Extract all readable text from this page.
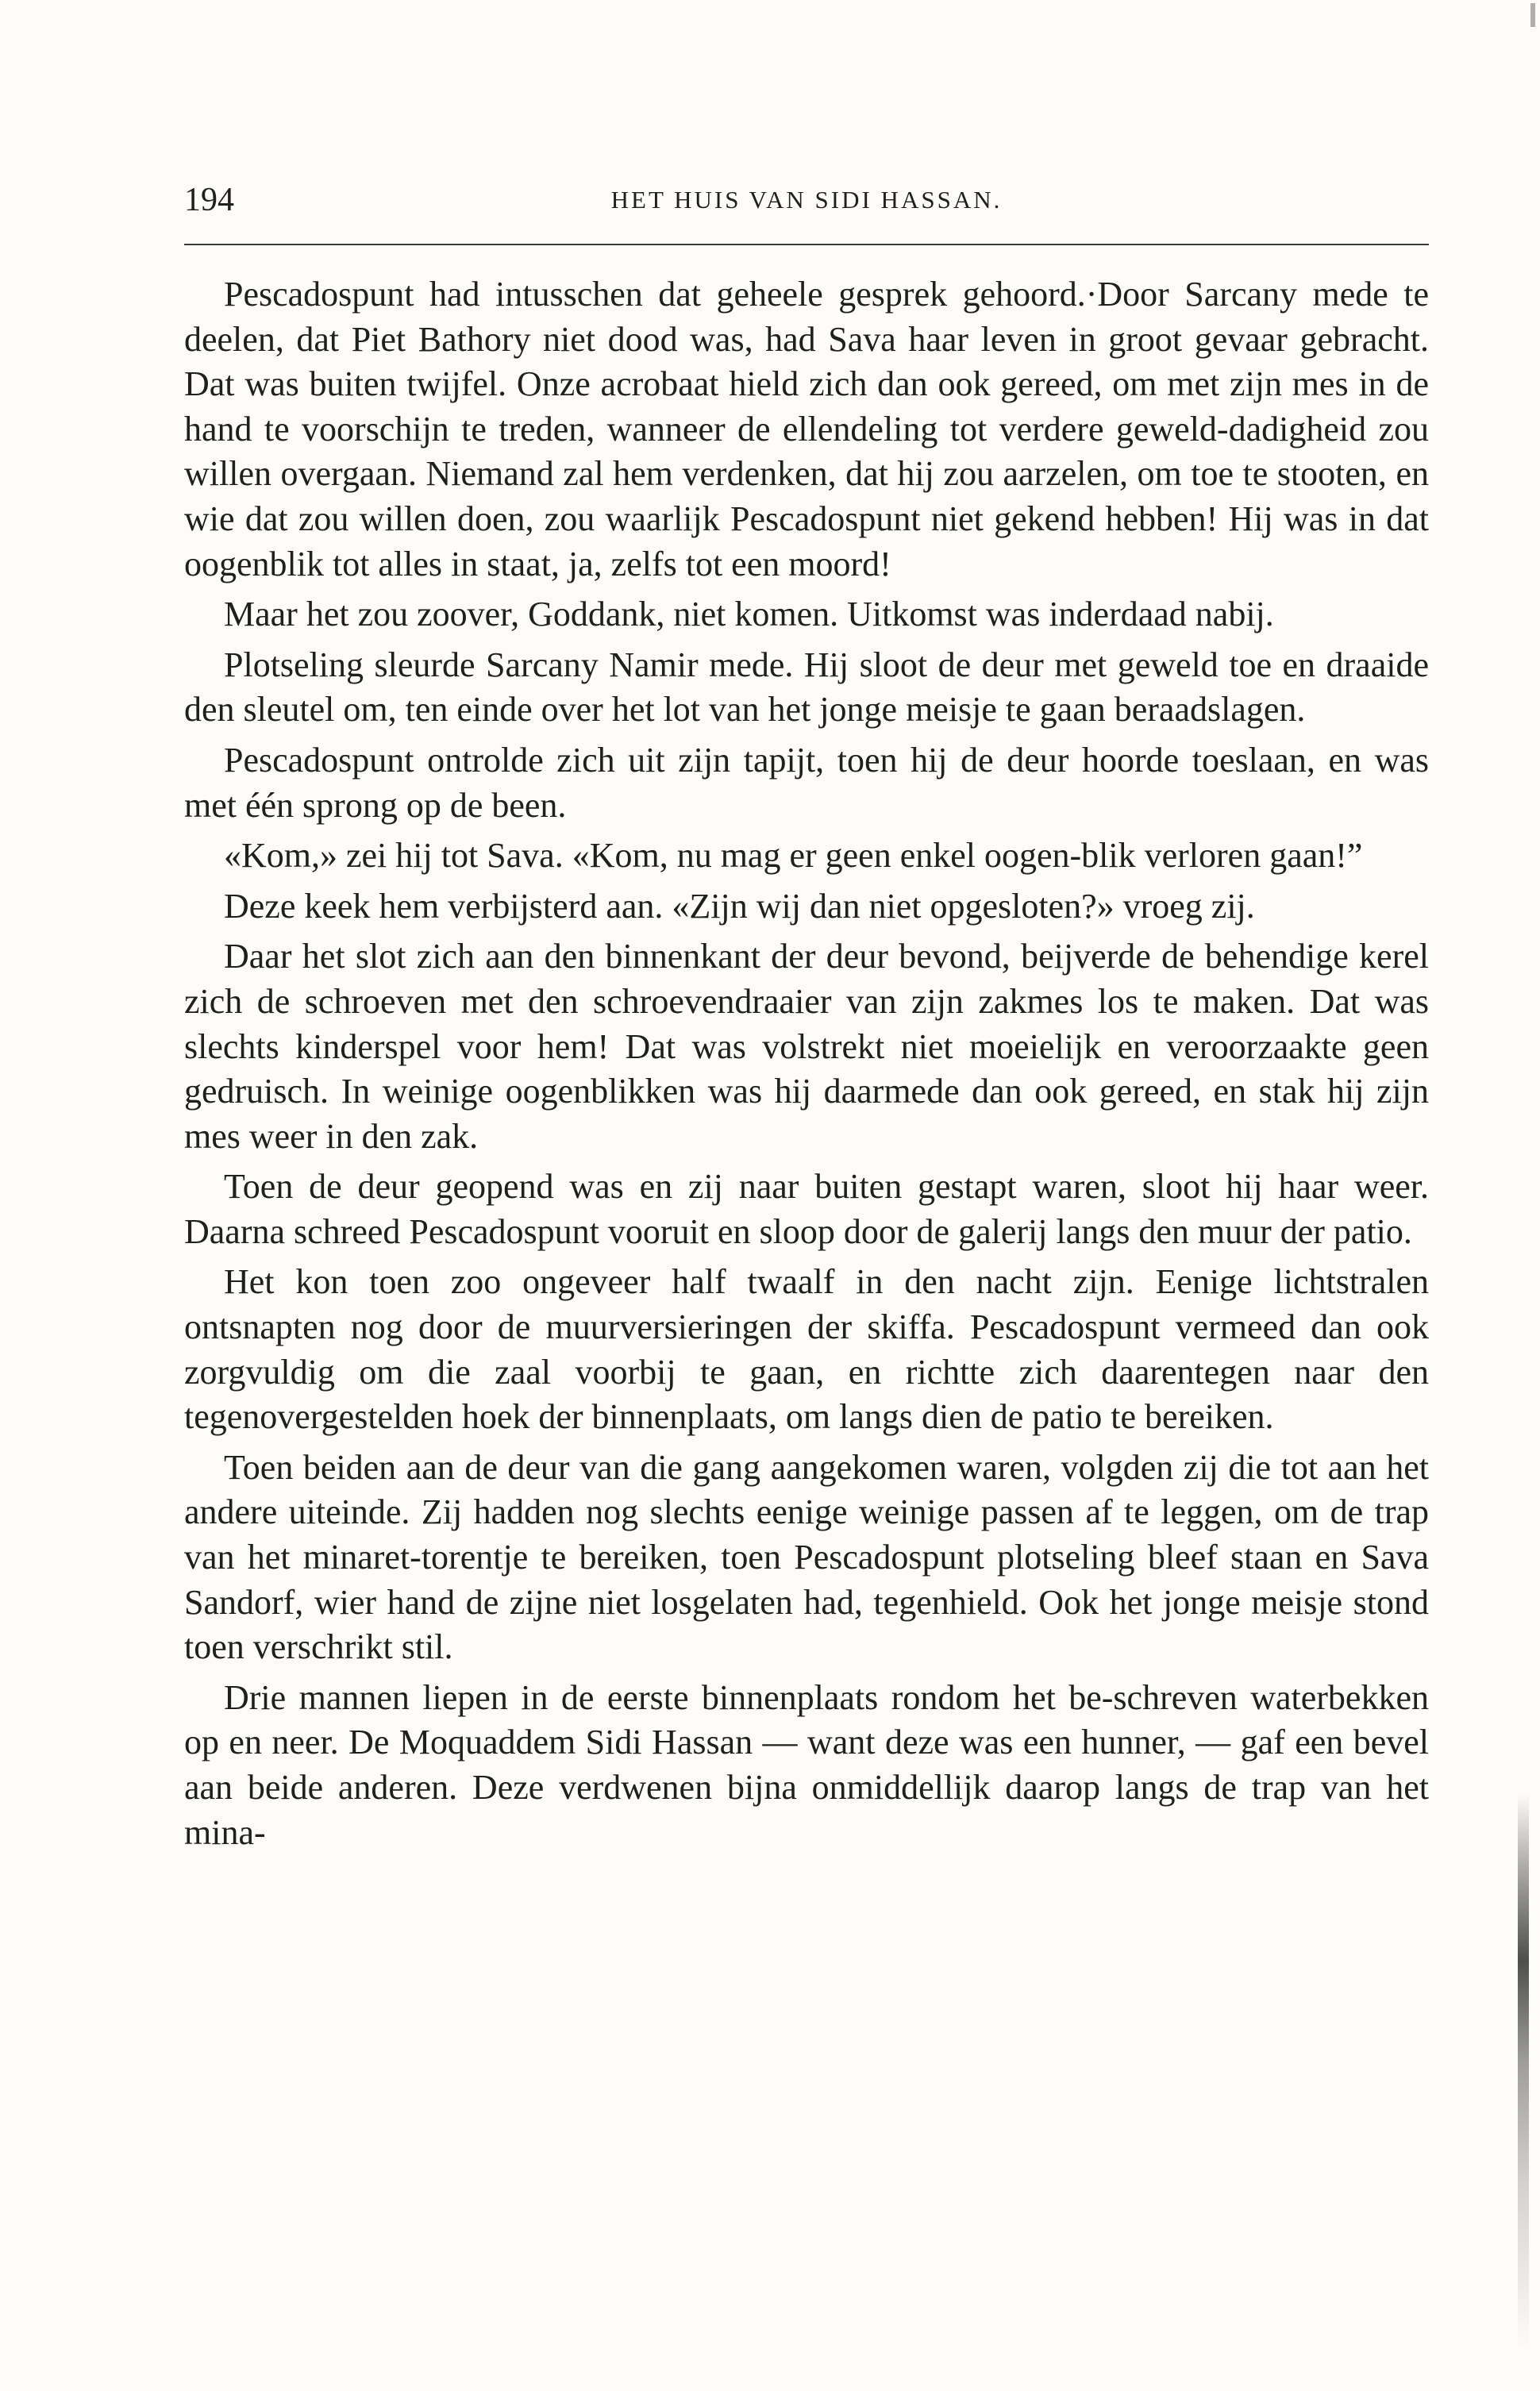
194	HET HUIS VAN SIDI HASSAN.

Pescadospunt had intusschen dat geheele gesprek gehoord.·Door Sarcany mede te deelen, dat Piet Bathory niet dood was, had Sava haar leven in groot gevaar gebracht. Dat was buiten twijfel. Onze acrobaat hield zich dan ook gereed, om met zijn mes in de hand te voorschijn te treden, wanneer de ellendeling tot verdere geweld-dadigheid zou willen overgaan. Niemand zal hem verdenken, dat hij zou aarzelen, om toe te stooten, en wie dat zou willen doen, zou waarlijk Pescadospunt niet gekend hebben! Hij was in dat oogenblik tot alles in staat, ja, zelfs tot een moord!

Maar het zou zoover, Goddank, niet komen. Uitkomst was inderdaad nabij.

Plotseling sleurde Sarcany Namir mede. Hij sloot de deur met geweld toe en draaide den sleutel om, ten einde over het lot van het jonge meisje te gaan beraadslagen.

Pescadospunt ontrolde zich uit zijn tapijt, toen hij de deur hoorde toeslaan, en was met één sprong op de been.

«Kom,» zei hij tot Sava. «Kom, nu mag er geen enkel oogen-blik verloren gaan!”

Deze keek hem verbijsterd aan. «Zijn wij dan niet opgesloten?» vroeg zij.

Daar het slot zich aan den binnenkant der deur bevond, beijverde de behendige kerel zich de schroeven met den schroevendraaier van zijn zakmes los te maken. Dat was slechts kinderspel voor hem! Dat was volstrekt niet moeielijk en veroorzaakte geen gedruisch. In weinige oogenblikken was hij daarmede dan ook gereed, en stak hij zijn mes weer in den zak.

Toen de deur geopend was en zij naar buiten gestapt waren, sloot hij haar weer. Daarna schreed Pescadospunt vooruit en sloop door de galerij langs den muur der patio.

Het kon toen zoo ongeveer half twaalf in den nacht zijn. Eenige lichtstralen ontsnapten nog door de muurversieringen der skiffa. Pescadospunt vermeed dan ook zorgvuldig om die zaal voorbij te gaan, en richtte zich daarentegen naar den tegenovergestelden hoek der binnenplaats, om langs dien de patio te bereiken.

Toen beiden aan de deur van die gang aangekomen waren, volgden zij die tot aan het andere uiteinde. Zij hadden nog slechts eenige weinige passen af te leggen, om de trap van het minaret-torentje te bereiken, toen Pescadospunt plotseling bleef staan en Sava Sandorf, wier hand de zijne niet losgelaten had, tegenhield. Ook het jonge meisje stond toen verschrikt stil.

Drie mannen liepen in de eerste binnenplaats rondom het be-schreven waterbekken op en neer. De Moquaddem Sidi Hassan — want deze was een hunner, — gaf een bevel aan beide anderen. Deze verdwenen bijna onmiddellijk daarop langs de trap van het mina-
